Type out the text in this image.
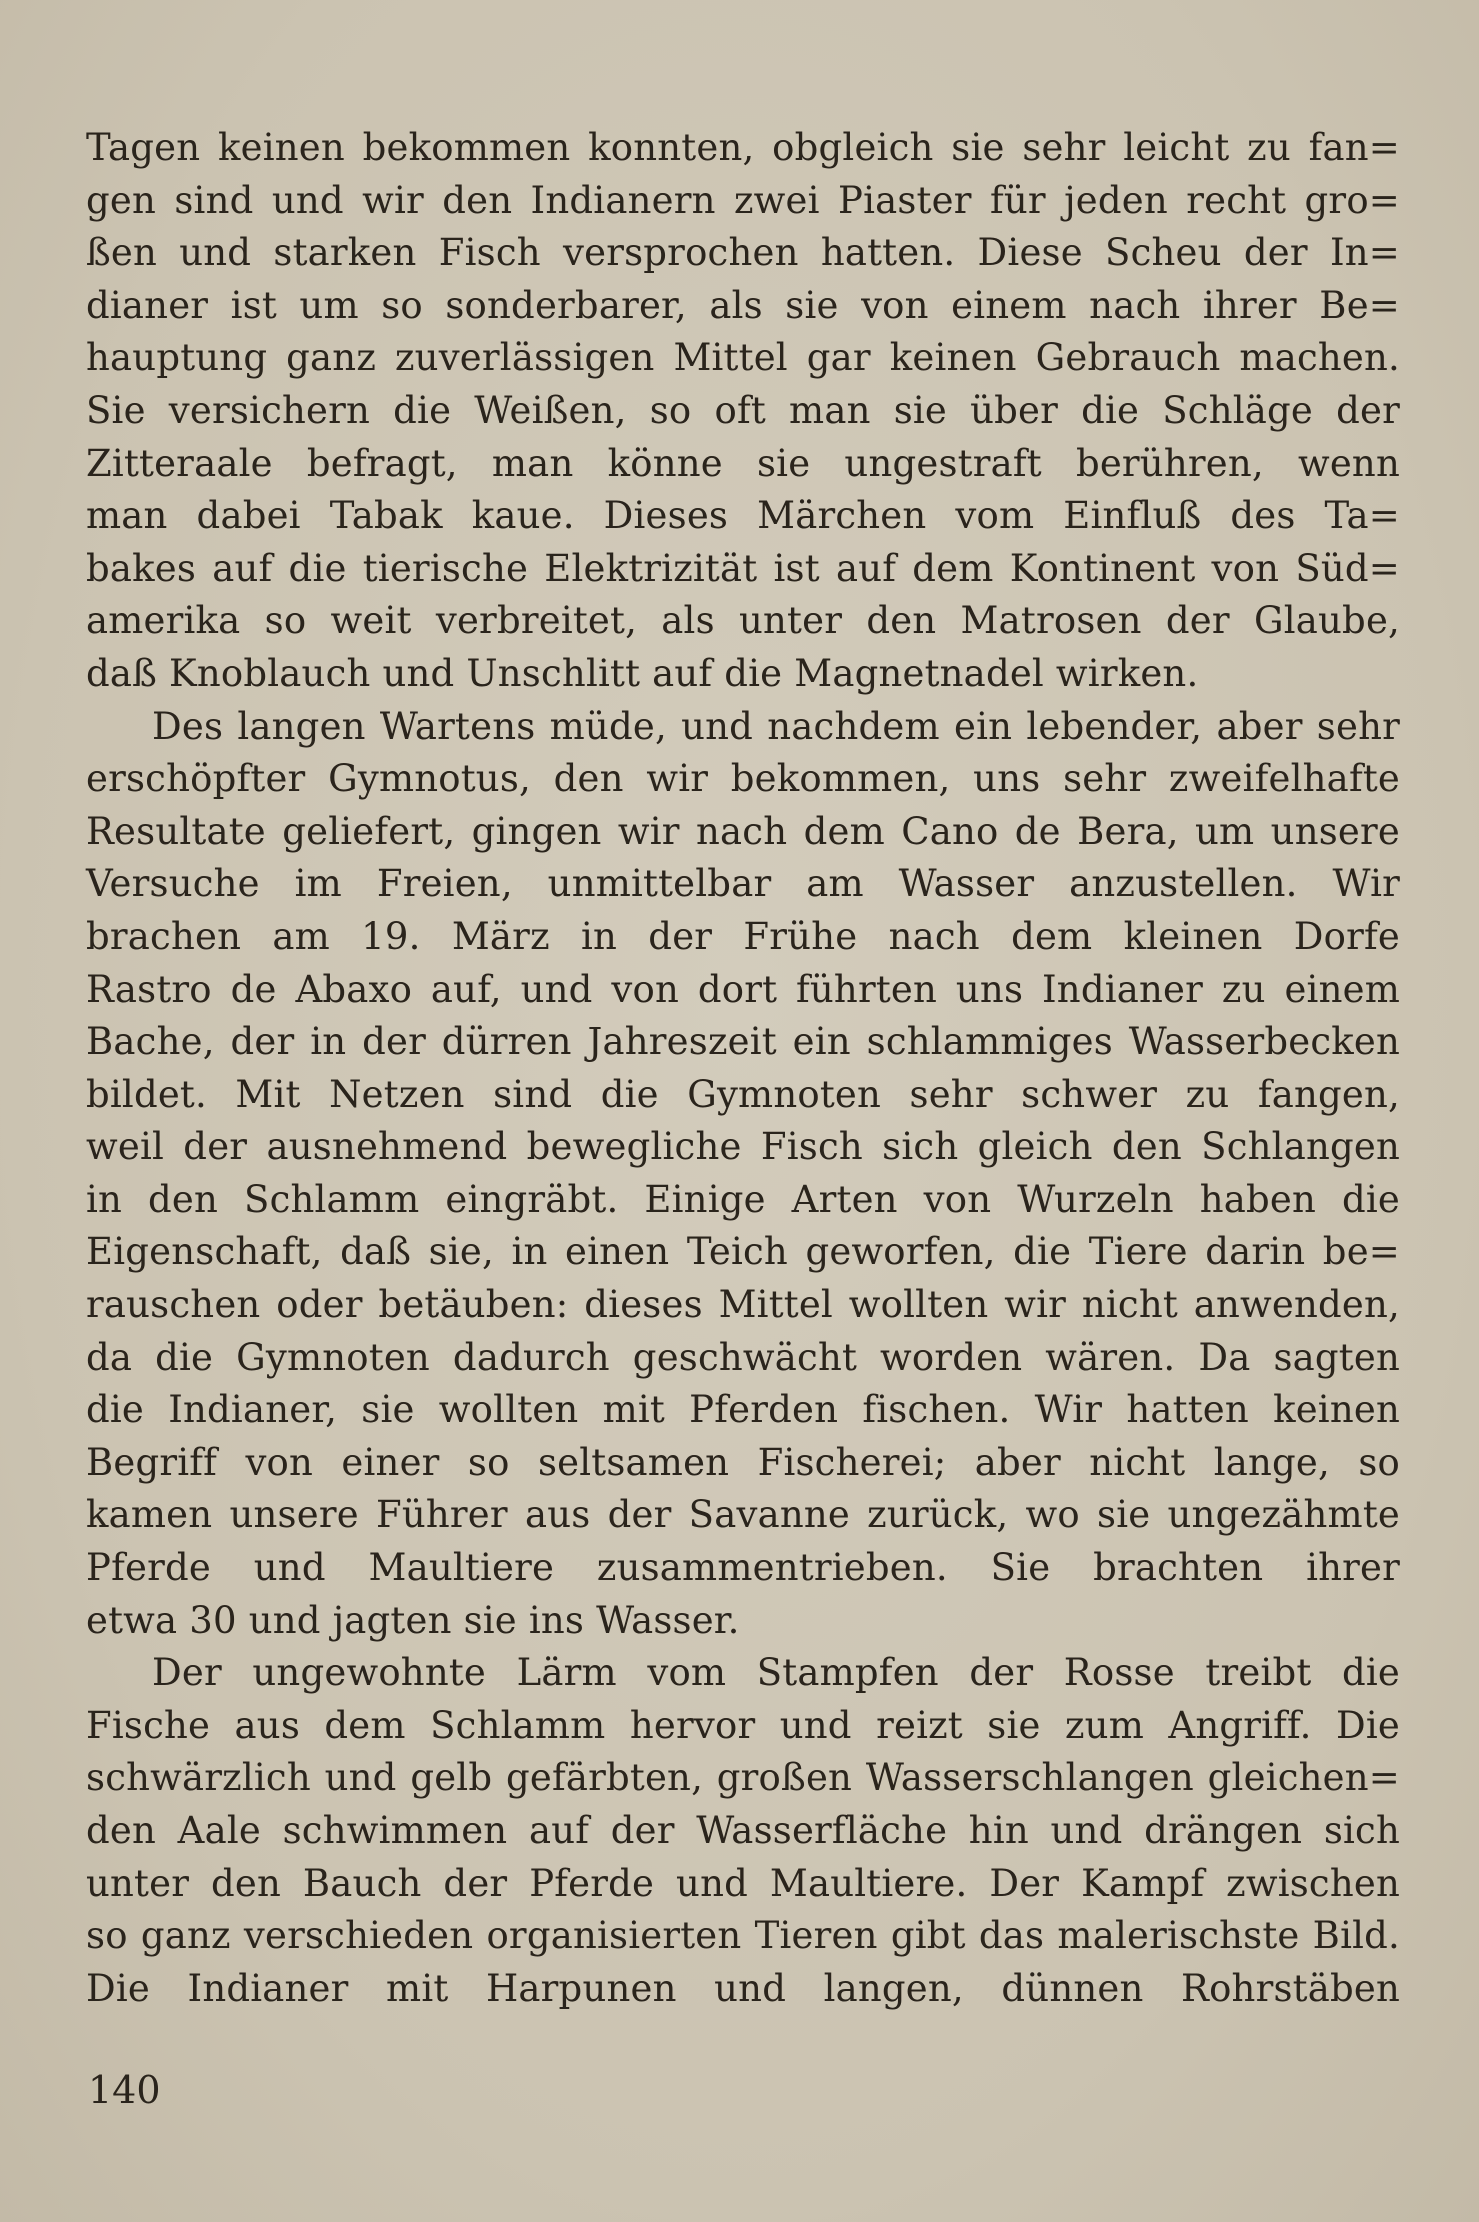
Tagen keinen bekommen konnten, obgleich sie sehr leicht zu fan=
gen sind und wir den Indianern zwei Piaster für jeden recht gro=
ßen und starken Fisch versprochen hatten. Diese Scheu der In=
dianer ist um so sonderbarer, als sie von einem nach ihrer Be=
hauptung ganz zuverlässigen Mittel gar keinen Gebrauch machen.
Sie versichern die Weißen, so oft man sie über die Schläge der
Zitteraale befragt, man könne sie ungestraft berühren, wenn
man dabei Tabak kaue. Dieses Märchen vom Einfluß des Ta=
bakes auf die tierische Elektrizität ist auf dem Kontinent von Süd=
amerika so weit verbreitet, als unter den Matrosen der Glaube,
daß Knoblauch und Unschlitt auf die Magnetnadel wirken.
Des langen Wartens müde, und nachdem ein lebender, aber sehr
erschöpfter Gymnotus, den wir bekommen, uns sehr zweifelhafte
Resultate geliefert, gingen wir nach dem Cano de Bera, um unsere
Versuche im Freien, unmittelbar am Wasser anzustellen. Wir
brachen am 19. März in der Frühe nach dem kleinen Dorfe
Rastro de Abaxo auf, und von dort führten uns Indianer zu einem
Bache, der in der dürren Jahreszeit ein schlammiges Wasserbecken
bildet. Mit Netzen sind die Gymnoten sehr schwer zu fangen,
weil der ausnehmend bewegliche Fisch sich gleich den Schlangen
in den Schlamm eingräbt. Einige Arten von Wurzeln haben die
Eigenschaft, daß sie, in einen Teich geworfen, die Tiere darin be=
rauschen oder betäuben: dieses Mittel wollten wir nicht anwenden,
da die Gymnoten dadurch geschwächt worden wären. Da sagten
die Indianer, sie wollten mit Pferden fischen. Wir hatten keinen
Begriff von einer so seltsamen Fischerei; aber nicht lange, so
kamen unsere Führer aus der Savanne zurück, wo sie ungezähmte
Pferde und Maultiere zusammentrieben. Sie brachten ihrer
etwa 30 und jagten sie ins Wasser.
Der ungewohnte Lärm vom Stampfen der Rosse treibt die
Fische aus dem Schlamm hervor und reizt sie zum Angriff. Die
schwärzlich und gelb gefärbten, großen Wasserschlangen gleichen=
den Aale schwimmen auf der Wasserfläche hin und drängen sich
unter den Bauch der Pferde und Maultiere. Der Kampf zwischen
so ganz verschieden organisierten Tieren gibt das malerischste Bild.
Die Indianer mit Harpunen und langen, dünnen Rohrstäben
140
